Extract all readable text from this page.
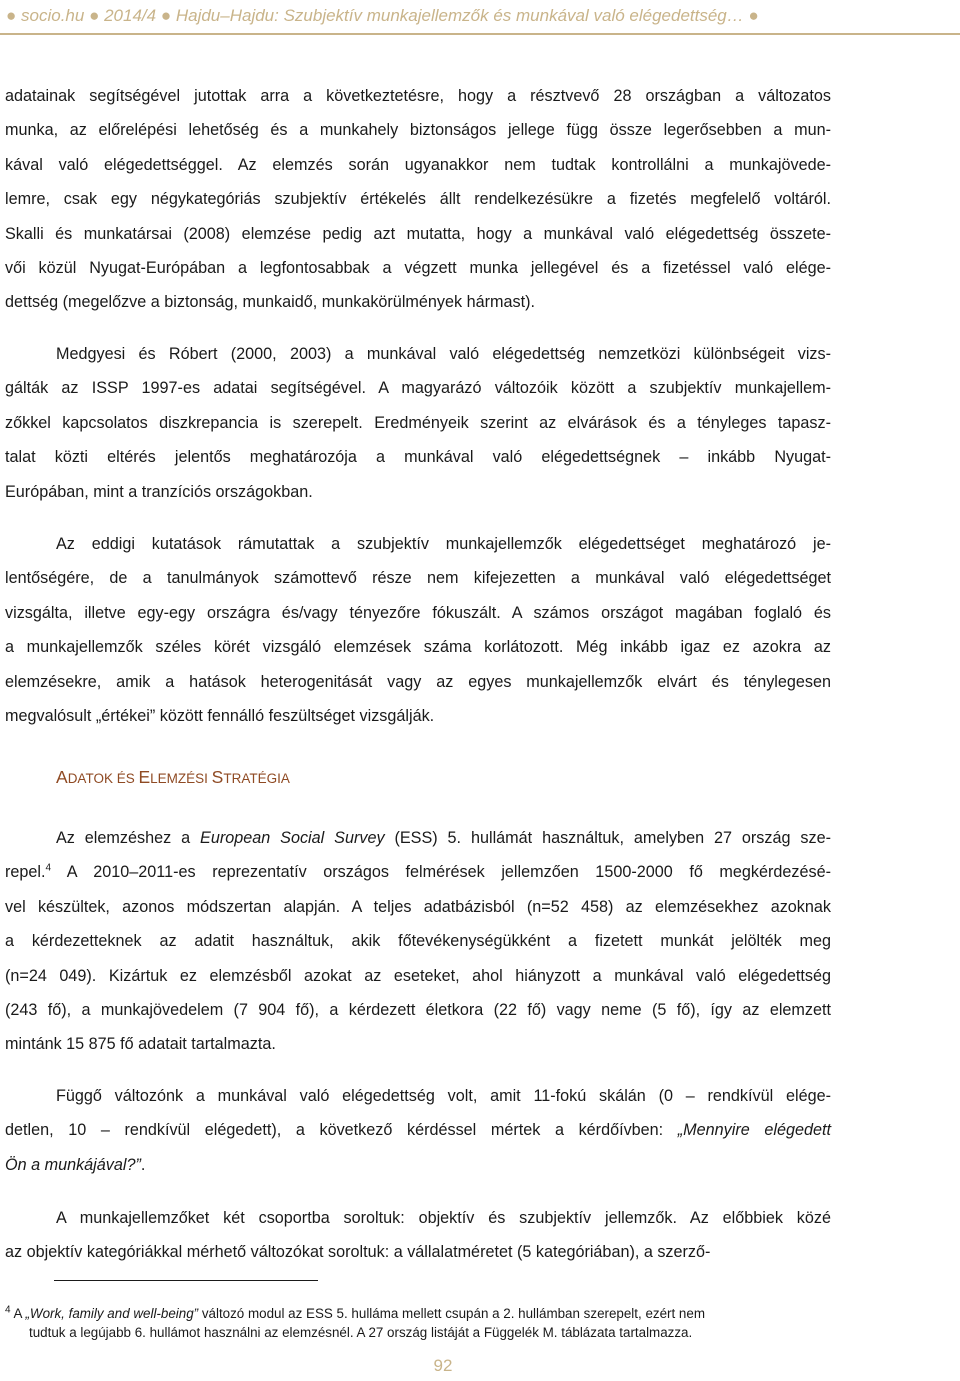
● socio.hu ● 2014/4 ● Hajdu–Hajdu: Szubjektív munkajellemzők és munkával való elégedettség… ●

adatainak segítségével jutottak arra a következtetésre, hogy a résztvevő 28 országban a változatos

munka, az előrelépési lehetőség és a munkahely biztonságos jellege függ össze legerősebben a mun-

kával való elégedettséggel. Az elemzés során ugyanakkor nem tudtak kontrollálni a munkajövede-

lemre, csak egy négykategóriás szubjektív értékelés állt rendelkezésükre a fizetés megfelelő voltáról.

Skalli és munkatársai (2008) elemzése pedig azt mutatta, hogy a munkával való elégedettség összete-

vői közül Nyugat-Európában a legfontosabbak a végzett munka jellegével és a fizetéssel való elége-

dettség (megelőzve a biztonság, munkaidő, munkakörülmények hármast).

Medgyesi és Róbert (2000, 2003) a munkával való elégedettség nemzetközi különbségeit vizs-

gálták az ISSP 1997-es adatai segítségével. A magyarázó változóik között a szubjektív munkajellem-

zőkkel kapcsolatos diszkrepancia is szerepelt. Eredményeik szerint az elvárások és a tényleges tapasz-

talat közti eltérés jelentős meghatározója a munkával való elégedettségnek – inkább Nyugat-

Európában, mint a tranzíciós országokban.

Az eddigi kutatások rámutattak a szubjektív munkajellemzők elégedettséget meghatározó je-

lentőségére, de a tanulmányok számottevő része nem kifejezetten a munkával való elégedettséget

vizsgálta, illetve egy-egy országra és/vagy tényezőre fókuszált. A számos országot magában foglaló és

a munkajellemzők széles körét vizsgáló elemzések száma korlátozott. Még inkább igaz ez azokra az

elemzésekre, amik a hatások heterogenitását vagy az egyes munkajellemzők elvárt és ténylegesen

megvalósult „értékei” között fennálló feszültséget vizsgálják.

ADATOK ÉS ELEMZÉSI STRATÉGIA

Az elemzéshez a European Social Survey (ESS) 5. hullámát használtuk, amelyben 27 ország sze-

repel.$^4$ A 2010–2011-es reprezentatív országos felmérések jellemzően 1500-2000 fő megkérdezésé-

vel készültek, azonos módszertan alapján. A teljes adatbázisból (n=52 458) az elemzésekhez azoknak

a kérdezetteknek az adatit használtuk, akik főtevékenységükként a fizetett munkát jelölték meg

(n=24 049). Kizártuk ez elemzésből azokat az eseteket, ahol hiányzott a munkával való elégedettség

(243 fő), a munkajövedelem (7 904 fő), a kérdezett életkora (22 fő) vagy neme (5 fő), így az elemzett

mintánk 15 875 fő adatait tartalmazta.

Függő változónk a munkával való elégedettség volt, amit 11-fokú skálán (0 – rendkívül elége-

detlen, 10 – rendkívül elégedett), a következő kérdéssel mértek a kérdőívben: „Mennyire elégedett

Ön a munkájával?”.

A munkajellemzőket két csoportba soroltuk: objektív és szubjektív jellemzők. Az előbbiek közé

az objektív kategóriákkal mérhető változókat soroltuk: a vállalatméretet (5 kategóriában), a szerző-

$^4$ A „Work, family and well-being” változó modul az ESS 5. hulláma mellett csupán a 2. hullámban szerepelt, ezért nem
tudtuk a legújabb 6. hullámot használni az elemzésnél. A 27 ország listáját a Függelék M. táblázata tartalmazza.
92
